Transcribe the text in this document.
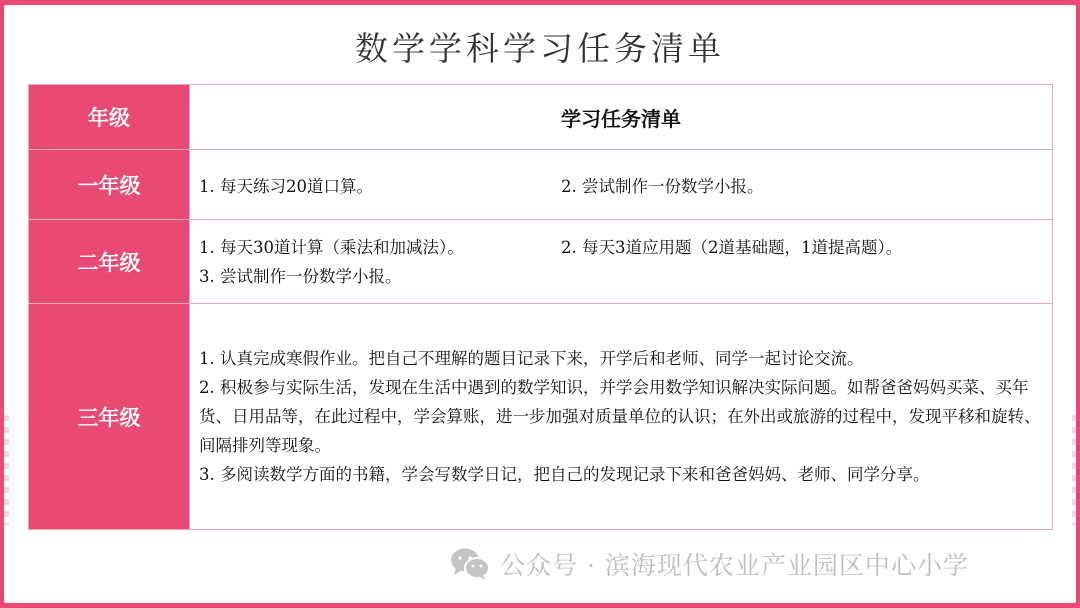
数学学科学习任务清单
年级	学习任务清单
一年级	1. 每天练习20道口算。 2. 尝试制作一份数学小报。

二年级	1. 每天30道计算（乘法和加减法）。 2. 每天3道应用题（2道基础题，1道提高题）。
3. 尝试制作一份数学小报。

三年级	1. 认真完成寒假作业。把自己不理解的题目记录下来，开学后和老师、同学一起讨论交流。

2. 积极参与实际生活，发现在生活中遇到的数学知识，并学会用数学知识解决实际问题。如帮爸爸妈妈买菜、买年货、日用品等，在此过程中，学会算账，进一步加强对质量单位的认识；在外出或旅游的过程中，发现平移和旋转、间隔排列等现象。

3. 多阅读数学方面的书籍，学会写数学日记，把自己的发现记录下来和爸爸妈妈、老师、同学分享。

公众号 · 滨海现代农业产业园区中心小学
